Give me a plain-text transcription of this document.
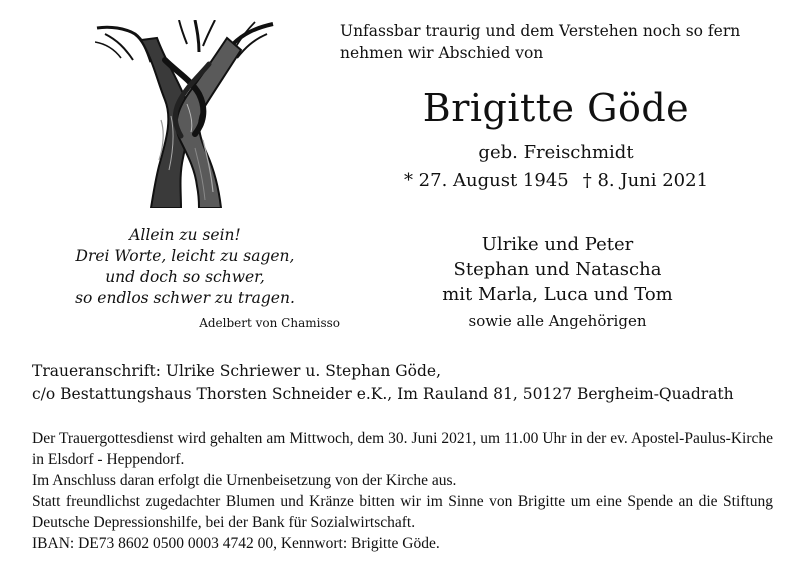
Unfassbar traurig und dem Verstehen noch so fern
nehmen wir Abschied von
Brigitte Göde
geb. Freischmidt
* 27. August 1945 † 8. Juni 2021
Allein zu sein!
Drei Worte, leicht zu sagen,
und doch so schwer,
so endlos schwer zu tragen.
Adelbert von Chamisso
Ulrike und Peter
Stephan und Natascha
mit Marla, Luca und Tom
sowie alle Angehörigen
Traueranschrift: Ulrike Schriewer u. Stephan Göde,
c/o Bestattungshaus Thorsten Schneider e.K., Im Rauland 81, 50127 Bergheim-Quadrath

Der Trauergottesdienst wird gehalten am Mittwoch, dem 30. Juni 2021, um 11.00 Uhr in der ev. Apostel-Paulus-Kirche in Elsdorf - Heppendorf.

Im Anschluss daran erfolgt die Urnenbeisetzung von der Kirche aus.

Statt freundlichst zugedachter Blumen und Kränze bitten wir im Sinne von Brigitte um eine Spende an die Stiftung Deutsche Depressionshilfe, bei der Bank für Sozialwirtschaft.

IBAN: DE73 8602 0500 0003 4742 00, Kennwort: Brigitte Göde.
